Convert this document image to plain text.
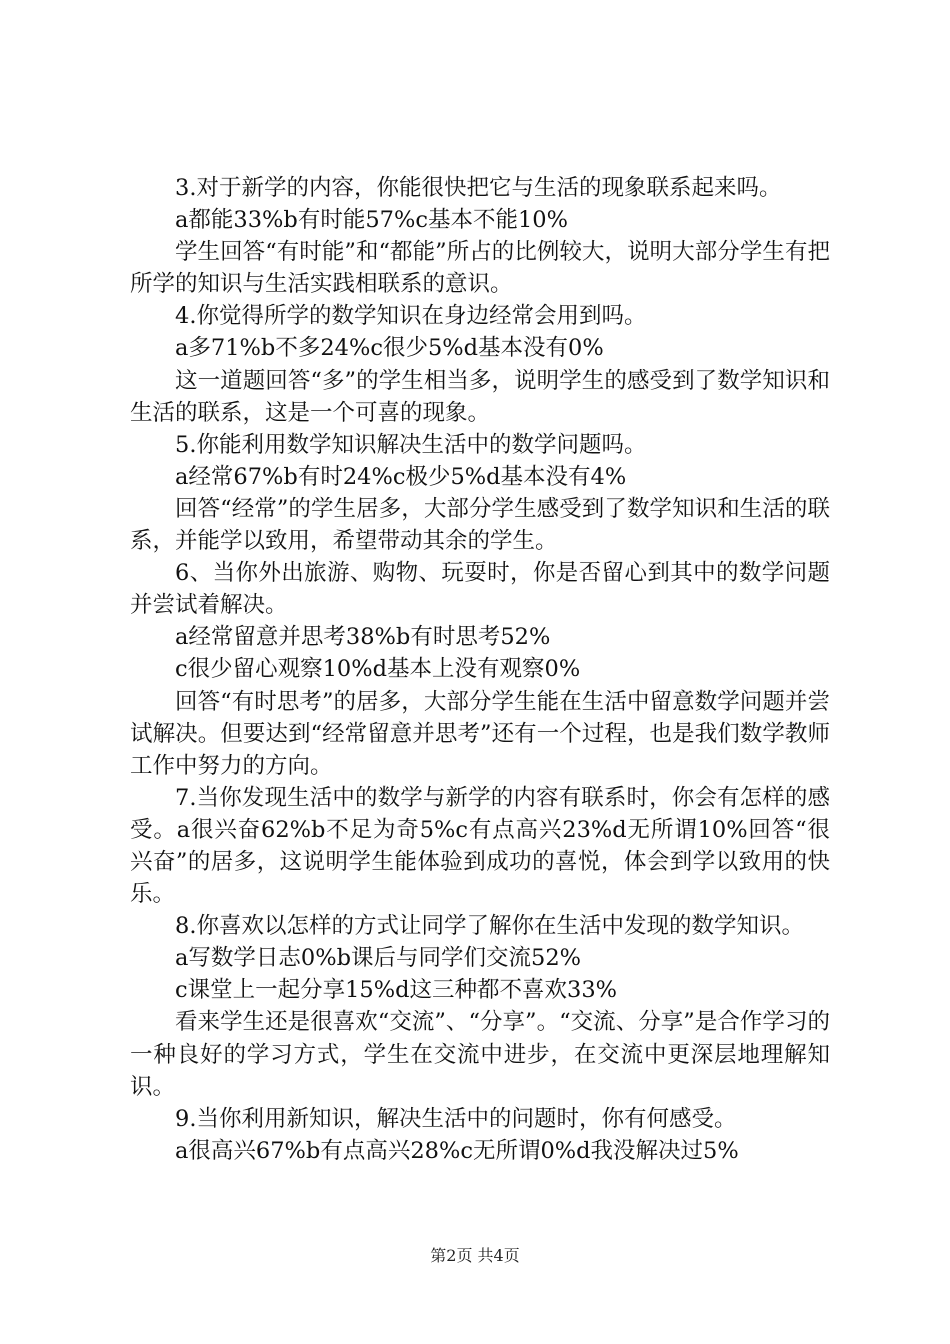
3.对于新学的内容，你能很快把它与生活的现象联系起来吗。

a都能33%b有时能57%c基本不能10%

学生回答“有时能”和“都能”所占的比例较大，说明大部分学生有把所学的知识与生活实践相联系的意识。

4.你觉得所学的数学知识在身边经常会用到吗。

a多71%b不多24%c很少5%d基本没有0%

这一道题回答“多”的学生相当多，说明学生的感受到了数学知识和生活的联系，这是一个可喜的现象。

5.你能利用数学知识解决生活中的数学问题吗。

a经常67%b有时24%c极少5%d基本没有4%

回答“经常”的学生居多，大部分学生感受到了数学知识和生活的联系，并能学以致用，希望带动其余的学生。

6、当你外出旅游、购物、玩耍时，你是否留心到其中的数学问题并尝试着解决。

a经常留意并思考38%b有时思考52%

c很少留心观察10%d基本上没有观察0%

回答“有时思考”的居多，大部分学生能在生活中留意数学问题并尝试解决。但要达到“经常留意并思考”还有一个过程，也是我们数学教师工作中努力的方向。

7.当你发现生活中的数学与新学的内容有联系时，你会有怎样的感受。a很兴奋62%b不足为奇5%c有点高兴23%d无所谓10%回答“很兴奋”的居多，这说明学生能体验到成功的喜悦，体会到学以致用的快乐。

8.你喜欢以怎样的方式让同学了解你在生活中发现的数学知识。

a写数学日志0%b课后与同学们交流52%

c课堂上一起分享15%d这三种都不喜欢33%

看来学生还是很喜欢“交流”、“分享”。“交流、分享”是合作学习的一种良好的学习方式，学生在交流中进步，在交流中更深层地理解知识。

9.当你利用新知识，解决生活中的问题时，你有何感受。

a很高兴67%b有点高兴28%c无所谓0%d我没解决过5%

第2页 共4页
